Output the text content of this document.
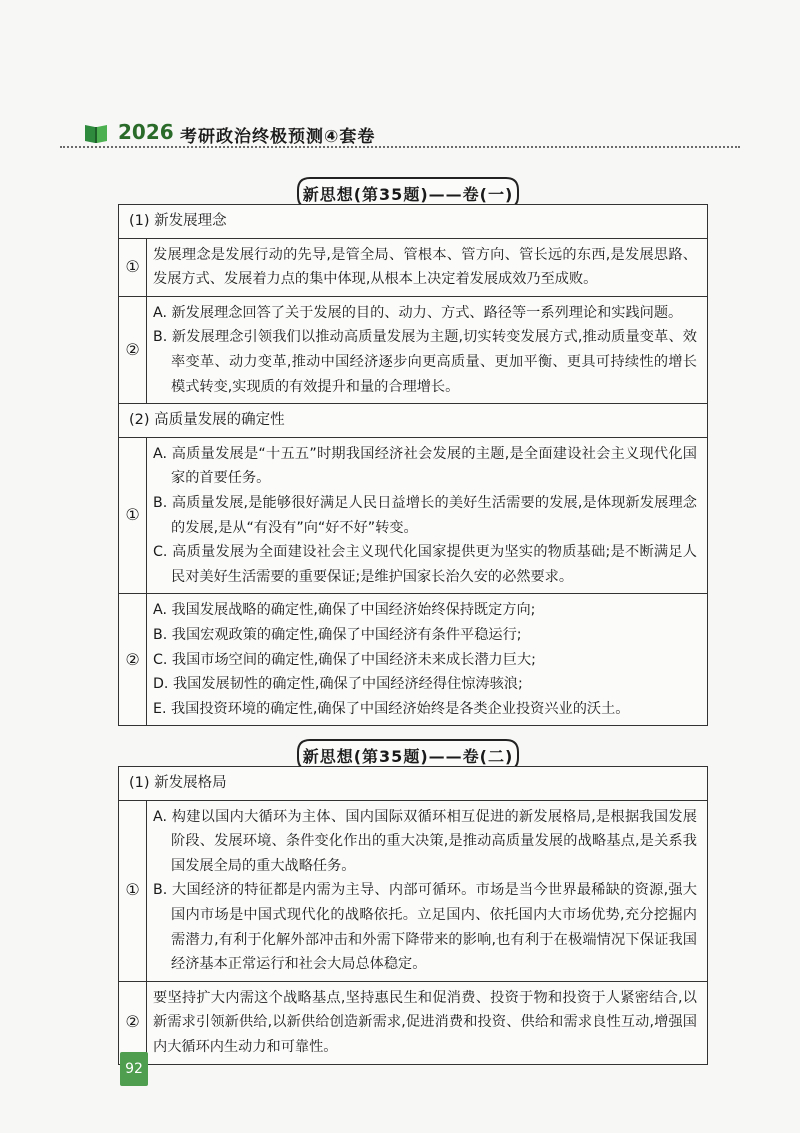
2026 考研政治终极预测④套卷
新思想(第35题)——卷(一)
(1) 新发展理念	
①	发展理念是发展行动的先导,是管全局、管根本、管方向、管长远的东西,是发展思路、发展方式、发展着力点的集中体现,从根本上决定着发展成效乃至成败。
②	A. 新发展理念回答了关于发展的目的、动力、方式、路径等一系列理论和实践问题。
B. 新发展理念引领我们以推动高质量发展为主题,切实转变发展方式,推动质量变革、效率变革、动力变革,推动中国经济逐步向更高质量、更加平衡、更具可持续性的增长模式转变,实现质的有效提升和量的合理增长。

(2) 高质量发展的确定性	
①	A. 高质量发展是“十五五”时期我国经济社会发展的主题,是全面建设社会主义现代化国家的首要任务。
B. 高质量发展,是能够很好满足人民日益增长的美好生活需要的发展,是体现新发展理念的发展,是从“有没有”向“好不好”转变。
C. 高质量发展为全面建设社会主义现代化国家提供更为坚实的物质基础;是不断满足人民对美好生活需要的重要保证;是维护国家长治久安的必然要求。

②	A. 我国发展战略的确定性,确保了中国经济始终保持既定方向;
B. 我国宏观政策的确定性,确保了中国经济有条件平稳运行;
C. 我国市场空间的确定性,确保了中国经济未来成长潜力巨大;
D. 我国发展韧性的确定性,确保了中国经济经得住惊涛骇浪;
E. 我国投资环境的确定性,确保了中国经济始终是各类企业投资兴业的沃土。
新思想(第35题)——卷(二)
(1) 新发展格局	
①	A. 构建以国内大循环为主体、国内国际双循环相互促进的新发展格局,是根据我国发展阶段、发展环境、条件变化作出的重大决策,是推动高质量发展的战略基点,是关系我国发展全局的重大战略任务。
B. 大国经济的特征都是内需为主导、内部可循环。市场是当今世界最稀缺的资源,强大国内市场是中国式现代化的战略依托。立足国内、依托国内大市场优势,充分挖掘内需潜力,有利于化解外部冲击和外需下降带来的影响,也有利于在极端情况下保证我国经济基本正常运行和社会大局总体稳定。

②	要坚持扩大内需这个战略基点,坚持惠民生和促消费、投资于物和投资于人紧密结合,以新需求引领新供给,以新供给创造新需求,促进消费和投资、供给和需求良性互动,增强国内大循环内生动力和可靠性。
92
